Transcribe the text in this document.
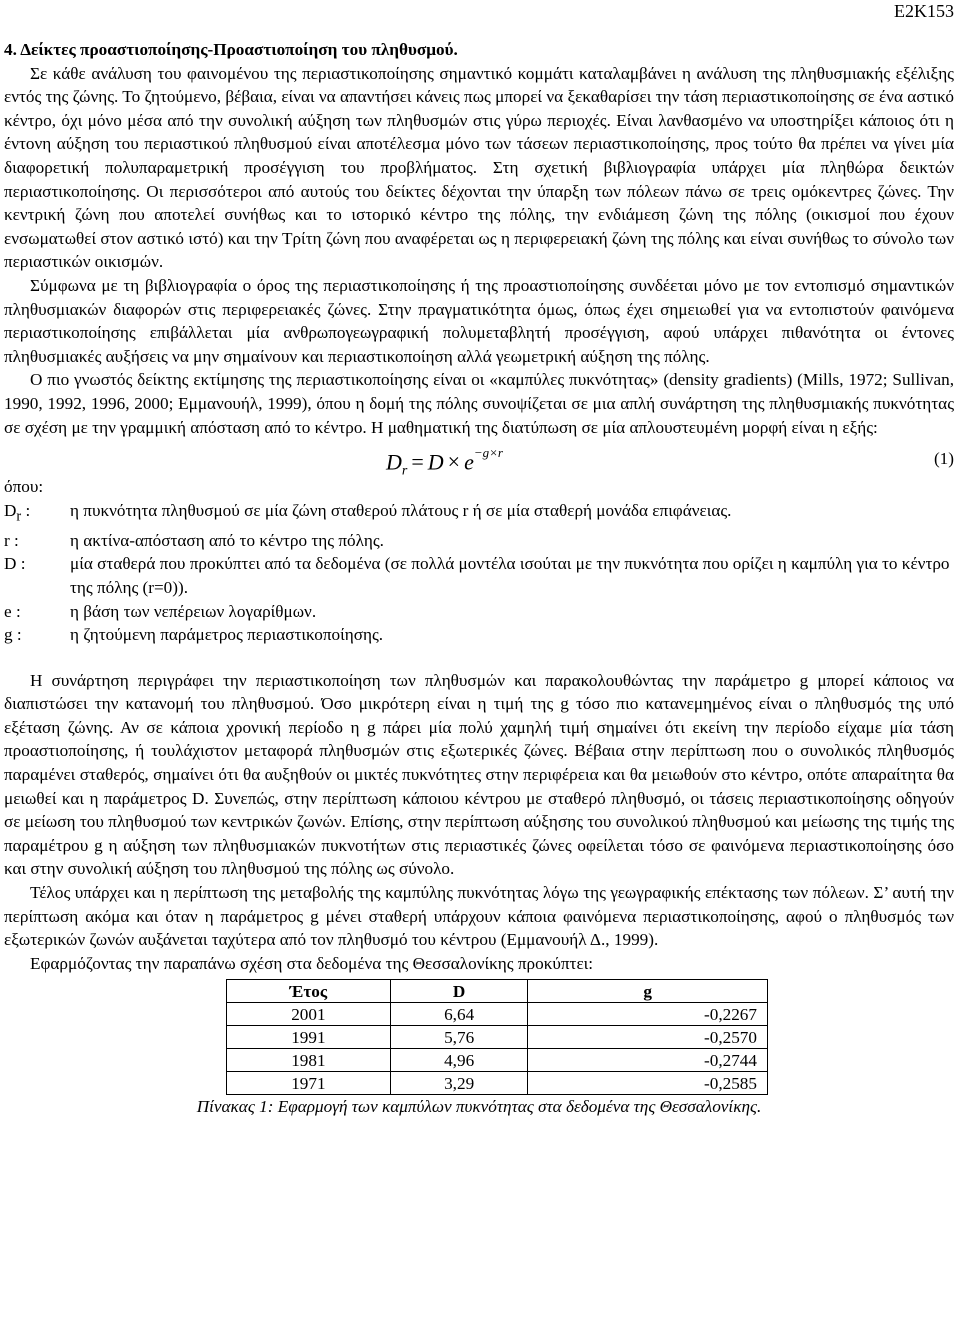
E2K153
4. Δείκτες προαστιοποίησης-Προαστιοποίηση του πληθυσμού.

Σε κάθε ανάλυση του φαινομένου της περιαστικοποίησης σημαντικό κομμάτι καταλαμβάνει η ανάλυση της πληθυσμιακής εξέλιξης εντός της ζώνης. Το ζητούμενο, βέβαια, είναι να απαντήσει κάνεις πως μπορεί να ξεκαθαρίσει την τάση περιαστικοποίησης σε ένα αστικό κέντρο, όχι μόνο μέσα από την συνολική αύξηση των πληθυσμών στις γύρω περιοχές. Είναι λανθασμένο να υποστηρίξει κάποιος ότι η έντονη αύξηση του περιαστικού πληθυσμού είναι αποτέλεσμα μόνο των τάσεων περιαστικοποίησης, προς τούτο θα πρέπει να γίνει μία διαφορετική πολυπαραμετρική προσέγγιση του προβλήματος. Στη σχετική βιβλιογραφία υπάρχει μία πληθώρα δεικτών περιαστικοποίησης. Οι περισσότεροι από αυτούς του δείκτες δέχονται την ύπαρξη των πόλεων πάνω σε τρεις ομόκεντρες ζώνες. Την κεντρική ζώνη που αποτελεί συνήθως και το ιστορικό κέντρο της πόλης, την ενδιάμεση ζώνη της πόλης (οικισμοί που έχουν ενσωματωθεί στον αστικό ιστό) και την Τρίτη ζώνη που αναφέρεται ως η περιφερειακή ζώνη της πόλης και είναι συνήθως το σύνολο των περιαστικών οικισμών.

Σύμφωνα με τη βιβλιογραφία ο όρος της περιαστικοποίησης ή της προαστιοποίησης συνδέεται μόνο με τον εντοπισμό σημαντικών πληθυσμιακών διαφορών στις περιφερειακές ζώνες. Στην πραγματικότητα όμως, όπως έχει σημειωθεί για να εντοπιστούν φαινόμενα περιαστικοποίησης επιβάλλεται μία ανθρωπογεωγραφική πολυμεταβλητή προσέγγιση, αφού υπάρχει πιθανότητα οι έντονες πληθυσμιακές αυξήσεις να μην σημαίνουν και περιαστικοποίηση αλλά γεωμετρική αύξηση της πόλης.

Ο πιο γνωστός δείκτης εκτίμησης της περιαστικοποίησης είναι οι «καμπύλες πυκνότητας» (density gradients) (Mills, 1972; Sullivan, 1990, 1992, 1996, 2000; Εμμανουήλ, 1999), όπου η δομή της πόλης συνοψίζεται σε μια απλή συνάρτηση της πληθυσμιακής πυκνότητας σε σχέση με την γραμμική απόσταση από το κέντρο. Η μαθηματική της διατύπωση σε μία απλουστευμένη μορφή είναι η εξής:

$D_r = D \times e^{-g\times r}$	(1)

όπου:

$D_r$ :	η πυκνότητα πληθυσμού σε μία ζώνη σταθερού πλάτους r ή σε μία σταθερή μονάδα επιφάνειας.
r :	η ακτίνα-απόσταση από το κέντρο της πόλης.
D :	μία σταθερά που προκύπτει από τα δεδομένα (σε πολλά μοντέλα ισούται με την πυκνότητα που ορίζει η καμπύλη για το κέντρο της πόλης (r=0)).
e :	η βάση των νεπέρειων λογαρίθμων.
g :	η ζητούμενη παράμετρος περιαστικοποίησης.

Η συνάρτηση περιγράφει την περιαστικοποίηση των πληθυσμών και παρακολουθώντας την παράμετρο g μπορεί κάποιος να διαπιστώσει την κατανομή του πληθυσμού. Όσο μικρότερη είναι η τιμή της g τόσο πιο κατανεμημένος είναι ο πληθυσμός της υπό εξέταση ζώνης. Αν σε κάποια χρονική περίοδο η g πάρει μία πολύ χαμηλή τιμή σημαίνει ότι εκείνη την περίοδο είχαμε μία τάση προαστιοποίησης, ή τουλάχιστον μεταφορά πληθυσμών στις εξωτερικές ζώνες. Βέβαια στην περίπτωση που ο συνολικός πληθυσμός παραμένει σταθερός, σημαίνει ότι θα αυξηθούν οι μικτές πυκνότητες στην περιφέρεια και θα μειωθούν στο κέντρο, οπότε απαραίτητα θα μειωθεί και η παράμετρος D. Συνεπώς, στην περίπτωση κάποιου κέντρου με σταθερό πληθυσμό, οι τάσεις περιαστικοποίησης οδηγούν σε μείωση του πληθυσμού των κεντρικών ζωνών. Επίσης, στην περίπτωση αύξησης του συνολικού πληθυσμού και μείωσης της τιμής της παραμέτρου g η αύξηση των πληθυσμιακών πυκνοτήτων στις περιαστικές ζώνες οφείλεται τόσο σε φαινόμενα περιαστικοποίησης όσο και στην συνολική αύξηση του πληθυσμού της πόλης ως σύνολο.

Τέλος υπάρχει και η περίπτωση της μεταβολής της καμπύλης πυκνότητας λόγω της γεωγραφικής επέκτασης των πόλεων. Σ’ αυτή την περίπτωση ακόμα και όταν η παράμετρος g μένει σταθερή υπάρχουν κάποια φαινόμενα περιαστικοποίησης, αφού ο πληθυσμός των εξωτερικών ζωνών αυξάνεται ταχύτερα από τον πληθυσμό του κέντρου (Εμμανουήλ Δ., 1999).

Εφαρμόζοντας την παραπάνω σχέση στα δεδομένα της Θεσσαλονίκης προκύπτει:

Έτος	D	g
2001	6,64	-0,2267
1991	5,76	-0,2570
1981	4,96	-0,2744
1971	3,29	-0,2585

Πίνακας 1: Εφαρμογή των καμπύλων πυκνότητας στα δεδομένα της Θεσσαλονίκης.
